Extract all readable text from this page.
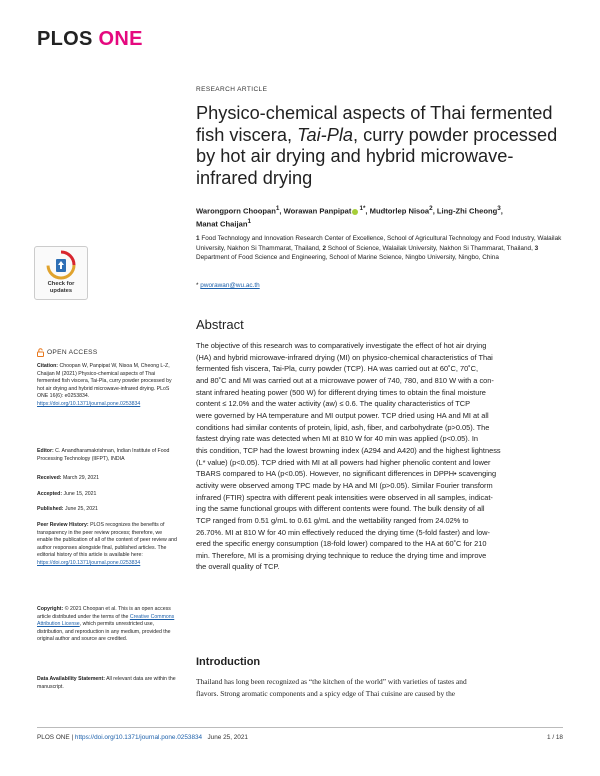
PLOS ONE
RESEARCH ARTICLE
Physico-chemical aspects of Thai fermented
fish viscera, Tai-Pla, curry powder processed
by hot air drying and hybrid microwave-
infrared drying
Warongporn Choopan$^1$, Worawan Panpipat $^{1*}$, Mudtorlep Nisoa$^2$, Ling-Zhi Cheong$^3$,
Manat Chaijan$^1$
1 Food Technology and Innovation Research Center of Excellence, School of Agricultural Technology and Food Industry, Walailak University, Nakhon Si Thammarat, Thailand, 2 School of Science, Walailak University, Nakhon Si Thammarat, Thailand, 3 Department of Food Science and Engineering, School of Marine Science, Ningbo University, Ningbo, China
* pworawan@wu.ac.th
Check for
updates
OPEN ACCESS
Citation: Choopan W, Panpipat W, Nisoa M, Cheong L-Z, Chaijan M (2021) Physico-chemical aspects of Thai fermented fish viscera, Tai-Pla, curry powder processed by hot air drying and hybrid microwave-infrared drying. PLoS ONE 16(6): e0253834. https://doi.org/10.1371/journal.pone.0253834
Editor: C. Anandharamakrishnan, Indian Institute of Food Processing Technology (IIFPT), INDIA
Received: March 29, 2021
Accepted: June 15, 2021
Published: June 25, 2021
Peer Review History: PLOS recognizes the benefits of transparency in the peer review process; therefore, we enable the publication of all of the content of peer review and author responses alongside final, published articles. The editorial history of this article is available here: https://doi.org/10.1371/journal.pone.0253834
Copyright: © 2021 Choopan et al. This is an open access article distributed under the terms of the Creative Commons Attribution License, which permits unrestricted use, distribution, and reproduction in any medium, provided the original author and source are credited.
Data Availability Statement: All relevant data are within the manuscript.
Abstract
The objective of this research was to comparatively investigate the effect of hot air drying
(HA) and hybrid microwave-infrared drying (MI) on physico-chemical characteristics of Thai
fermented fish viscera, Tai-Pla, curry powder (TCP). HA was carried out at 60˚C, 70˚C,
and 80˚C and MI was carried out at a microwave power of 740, 780, and 810 W with a con-
stant infrared heating power (500 W) for different drying times to obtain the final moisture
content ≤ 12.0% and the water activity (aw) ≤ 0.6. The quality characteristics of TCP
were governed by HA temperature and MI output power. TCP dried using HA and MI at all
conditions had similar contents of protein, lipid, ash, fiber, and carbohydrate (p>0.05). The
fastest drying rate was detected when MI at 810 W for 40 min was applied (p<0.05). In
this condition, TCP had the lowest browning index (A294 and A420) and the highest lightness
(L* value) (p<0.05). TCP dried with MI at all powers had higher phenolic content and lower
TBARS compared to HA (p<0.05). However, no significant differences in DPPH• scavenging
activity were observed among TPC made by HA and MI (p>0.05). Similar Fourier transform
infrared (FTIR) spectra with different peak intensities were observed in all samples, indicat-
ing the same functional groups with different contents were found. The bulk density of all
TCP ranged from 0.51 g/mL to 0.61 g/mL and the wettability ranged from 24.02% to
26.70%. MI at 810 W for 40 min effectively reduced the drying time (5-fold faster) and low-
ered the specific energy consumption (18-fold lower) compared to the HA at 60˚C for 210
min. Therefore, MI is a promising drying technique to reduce the drying time and improve
the overall quality of TCP.
Introduction
Thailand has long been recognized as “the kitchen of the world” with varieties of tastes and
flavors. Strong aromatic components and a spicy edge of Thai cuisine are caused by the
PLOS ONE | https://doi.org/10.1371/journal.pone.0253834 June 25, 2021	1 / 18
